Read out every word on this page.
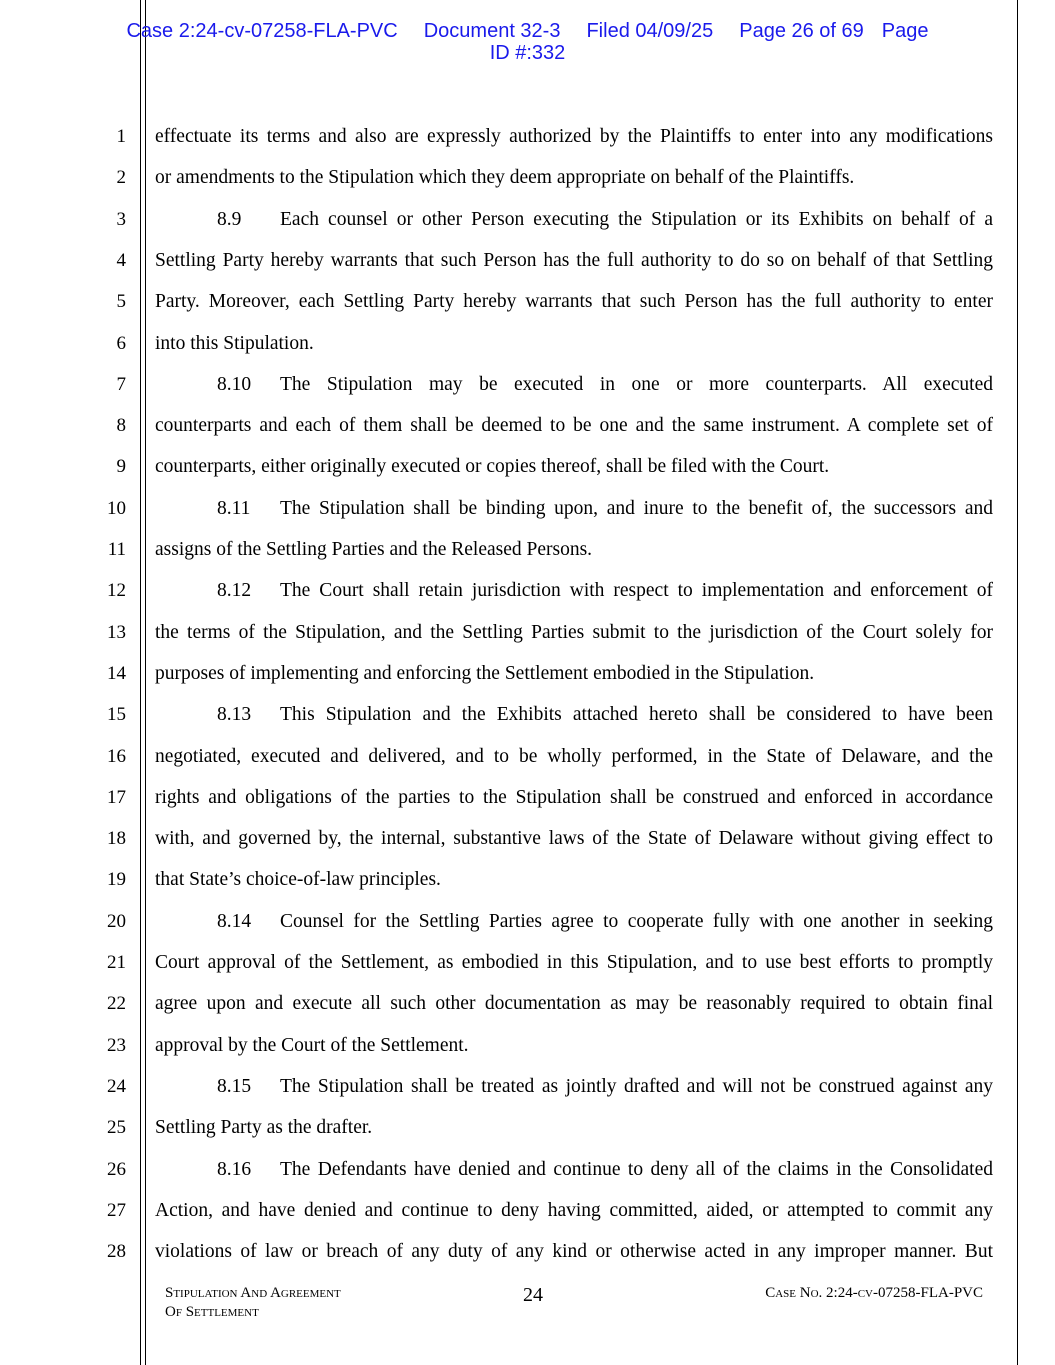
Case 2:24-cv-07258-FLA-PVC Document 32-3 Filed 04/09/25 Page 26 of 69 Page
ID #:332
1 effectuate its terms and also are expressly authorized by the Plaintiffs to enter into any modifications
2 or amendments to the Stipulation which they deem appropriate on behalf of the Plaintiffs.
3	8.9 Each counsel or other Person executing the Stipulation or its Exhibits on behalf of a
4 Settling Party hereby warrants that such Person has the full authority to do so on behalf of that Settling
5 Party. Moreover, each Settling Party hereby warrants that such Person has the full authority to enter
6 into this Stipulation.
7	8.10 The Stipulation may be executed in one or more counterparts. All executed
8 counterparts and each of them shall be deemed to be one and the same instrument. A complete set of
9 counterparts, either originally executed or copies thereof, shall be filed with the Court.
10	8.11 The Stipulation shall be binding upon, and inure to the benefit of, the successors and
11 assigns of the Settling Parties and the Released Persons.
12	8.12 The Court shall retain jurisdiction with respect to implementation and enforcement of
13 the terms of the Stipulation, and the Settling Parties submit to the jurisdiction of the Court solely for
14 purposes of implementing and enforcing the Settlement embodied in the Stipulation.
15	8.13 This Stipulation and the Exhibits attached hereto shall be considered to have been
16 negotiated, executed and delivered, and to be wholly performed, in the State of Delaware, and the
17 rights and obligations of the parties to the Stipulation shall be construed and enforced in accordance
18 with, and governed by, the internal, substantive laws of the State of Delaware without giving effect to
19 that State’s choice-of-law principles.
20	8.14 Counsel for the Settling Parties agree to cooperate fully with one another in seeking
21 Court approval of the Settlement, as embodied in this Stipulation, and to use best efforts to promptly
22 agree upon and execute all such other documentation as may be reasonably required to obtain final
23 approval by the Court of the Settlement.
24	8.15 The Stipulation shall be treated as jointly drafted and will not be construed against any
25 Settling Party as the drafter.
26	8.16 The Defendants have denied and continue to deny all of the claims in the Consolidated
27 Action, and have denied and continue to deny having committed, aided, or attempted to commit any
28 violations of law or breach of any duty of any kind or otherwise acted in any improper manner. But
Stipulation And Agreement
Of Settlement
24	Case No. 2:24-cv-07258-FLA-PVC
